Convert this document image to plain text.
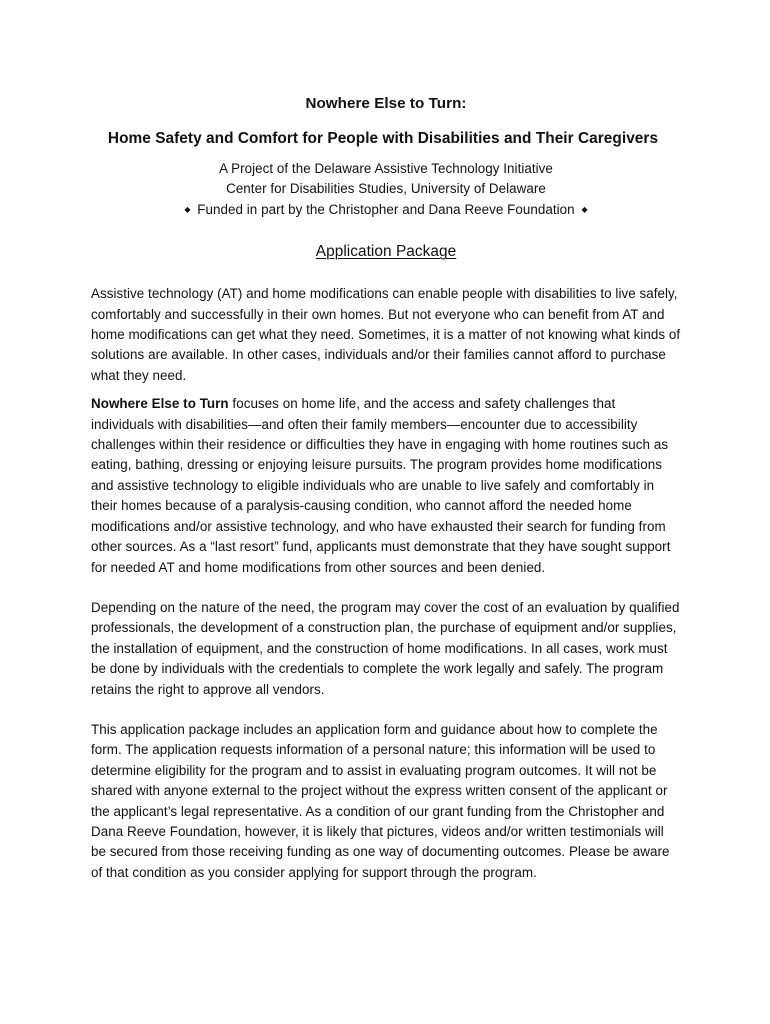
Nowhere Else to Turn:
Home Safety and Comfort for People with Disabilities and Their Caregivers
A Project of the Delaware Assistive Technology Initiative
Center for Disabilities Studies, University of Delaware
◆ Funded in part by the Christopher and Dana Reeve Foundation ◆
Application Package

Assistive technology (AT) and home modifications can enable people with disabilities to live safely, comfortably and successfully in their own homes. But not everyone who can benefit from AT and home modifications can get what they need. Sometimes, it is a matter of not knowing what kinds of solutions are available. In other cases, individuals and/or their families cannot afford to purchase what they need.

Nowhere Else to Turn focuses on home life, and the access and safety challenges that individuals with disabilities—and often their family members—encounter due to accessibility challenges within their residence or difficulties they have in engaging with home routines such as eating, bathing, dressing or enjoying leisure pursuits. The program provides home modifications and assistive technology to eligible individuals who are unable to live safely and comfortably in their homes because of a paralysis-causing condition, who cannot afford the needed home modifications and/or assistive technology, and who have exhausted their search for funding from other sources. As a “last resort” fund, applicants must demonstrate that they have sought support for needed AT and home modifications from other sources and been denied.

Depending on the nature of the need, the program may cover the cost of an evaluation by qualified professionals, the development of a construction plan, the purchase of equipment and/or supplies, the installation of equipment, and the construction of home modifications. In all cases, work must be done by individuals with the credentials to complete the work legally and safely. The program retains the right to approve all vendors.

This application package includes an application form and guidance about how to complete the form. The application requests information of a personal nature; this information will be used to determine eligibility for the program and to assist in evaluating program outcomes. It will not be shared with anyone external to the project without the express written consent of the applicant or the applicant’s legal representative. As a condition of our grant funding from the Christopher and Dana Reeve Foundation, however, it is likely that pictures, videos and/or written testimonials will be secured from those receiving funding as one way of documenting outcomes. Please be aware of that condition as you consider applying for support through the program.
